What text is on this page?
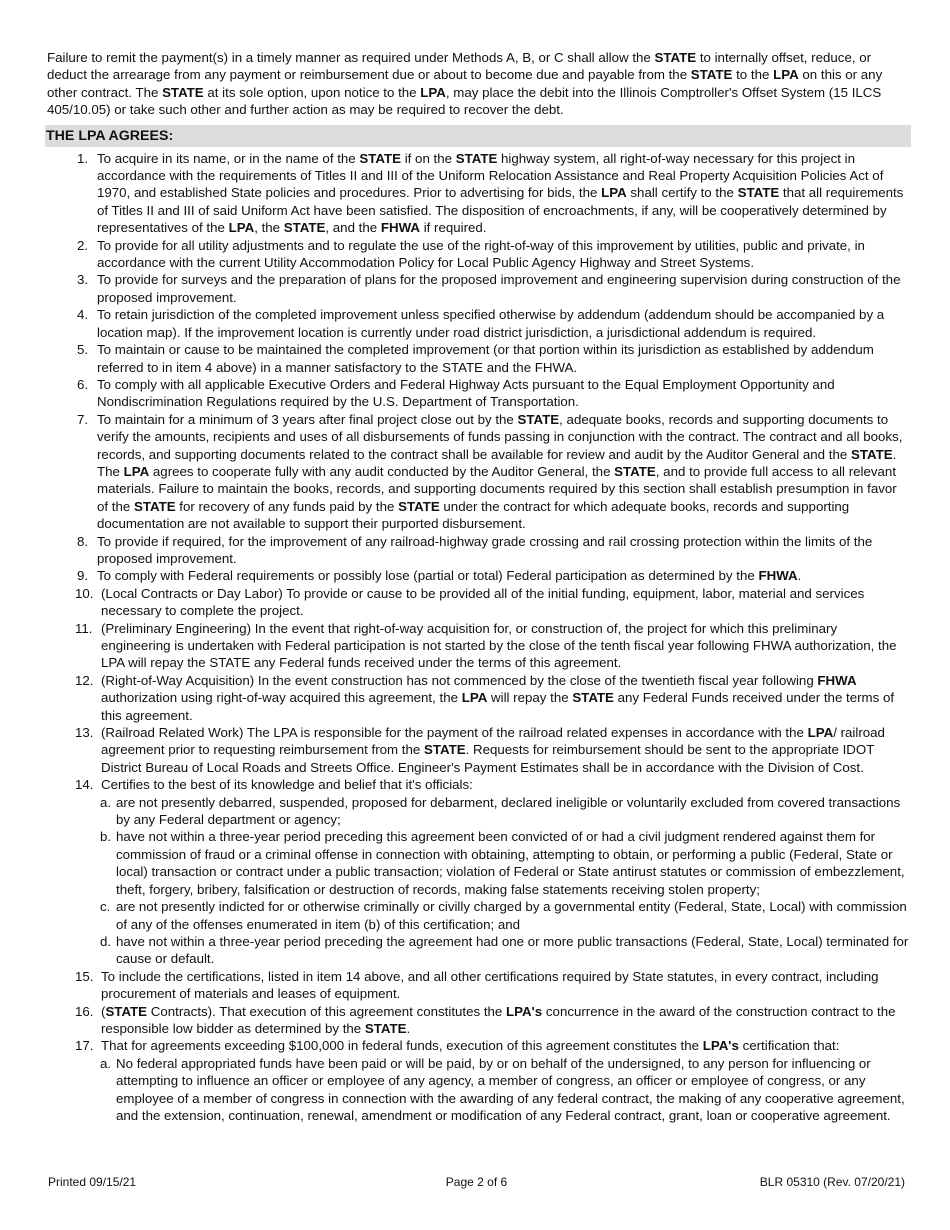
Failure to remit the payment(s) in a timely manner as required under Methods A, B, or C shall allow the STATE to internally offset, reduce, or deduct the arrearage from any payment or reimbursement due or about to become due and payable from the STATE to the LPA on this or any other contract. The STATE at its sole option, upon notice to the LPA, may place the debit into the Illinois Comptroller's Offset System (15 ILCS 405/10.05) or take such other and further action as may be required to recover the debt.

THE LPA AGREES:
1. To acquire in its name, or in the name of the STATE if on the STATE highway system, all right-of-way necessary for this project in accordance with the requirements of Titles II and III of the Uniform Relocation Assistance and Real Property Acquisition Policies Act of 1970, and established State policies and procedures. Prior to advertising for bids, the LPA shall certify to the STATE that all requirements of Titles II and III of said Uniform Act have been satisfied. The disposition of encroachments, if any, will be cooperatively determined by representatives of the LPA, the STATE, and the FHWA if required.
2. To provide for all utility adjustments and to regulate the use of the right-of-way of this improvement by utilities, public and private, in accordance with the current Utility Accommodation Policy for Local Public Agency Highway and Street Systems.
3. To provide for surveys and the preparation of plans for the proposed improvement and engineering supervision during construction of the proposed improvement.
4. To retain jurisdiction of the completed improvement unless specified otherwise by addendum (addendum should be accompanied by a location map). If the improvement location is currently under road district jurisdiction, a jurisdictional addendum is required.
5. To maintain or cause to be maintained the completed improvement (or that portion within its jurisdiction as established by addendum referred to in item 4 above) in a manner satisfactory to the STATE and the FHWA.
6. To comply with all applicable Executive Orders and Federal Highway Acts pursuant to the Equal Employment Opportunity and Nondiscrimination Regulations required by the U.S. Department of Transportation.
7. To maintain for a minimum of 3 years after final project close out by the STATE, adequate books, records and supporting documents to verify the amounts, recipients and uses of all disbursements of funds passing in conjunction with the contract. The contract and all books, records, and supporting documents related to the contract shall be available for review and audit by the Auditor General and the STATE. The LPA agrees to cooperate fully with any audit conducted by the Auditor General, the STATE, and to provide full access to all relevant materials. Failure to maintain the books, records, and supporting documents required by this section shall establish presumption in favor of the STATE for recovery of any funds paid by the STATE under the contract for which adequate books, records and supporting documentation are not available to support their purported disbursement.
8. To provide if required, for the improvement of any railroad-highway grade crossing and rail crossing protection within the limits of the proposed improvement.
9. To comply with Federal requirements or possibly lose (partial or total) Federal participation as determined by the FHWA.
10. (Local Contracts or Day Labor) To provide or cause to be provided all of the initial funding, equipment, labor, material and services necessary to complete the project.
11. (Preliminary Engineering) In the event that right-of-way acquisition for, or construction of, the project for which this preliminary engineering is undertaken with Federal participation is not started by the close of the tenth fiscal year following FHWA authorization, the LPA will repay the STATE any Federal funds received under the terms of this agreement.
12. (Right-of-Way Acquisition) In the event construction has not commenced by the close of the twentieth fiscal year following FHWA authorization using right-of-way acquired this agreement, the LPA will repay the STATE any Federal Funds received under the terms of this agreement.
13. (Railroad Related Work) The LPA is responsible for the payment of the railroad related expenses in accordance with the LPA/ railroad agreement prior to requesting reimbursement from the STATE. Requests for reimbursement should be sent to the appropriate IDOT District Bureau of Local Roads and Streets Office. Engineer's Payment Estimates shall be in accordance with the Division of Cost.
14. Certifies to the best of its knowledge and belief that it's officials:
a. are not presently debarred, suspended, proposed for debarment, declared ineligible or voluntarily excluded from covered transactions by any Federal department or agency;
b. have not within a three-year period preceding this agreement been convicted of or had a civil judgment rendered against them for commission of fraud or a criminal offense in connection with obtaining, attempting to obtain, or performing a public (Federal, State or local) transaction or contract under a public transaction; violation of Federal or State antirust statutes or commission of embezzlement, theft, forgery, bribery, falsification or destruction of records, making false statements receiving stolen property;
c. are not presently indicted for or otherwise criminally or civilly charged by a governmental entity (Federal, State, Local) with commission of any of the offenses enumerated in item (b) of this certification; and
d. have not within a three-year period preceding the agreement had one or more public transactions (Federal, State, Local) terminated for cause or default.
15. To include the certifications, listed in item 14 above, and all other certifications required by State statutes, in every contract, including procurement of materials and leases of equipment.
16. (STATE Contracts). That execution of this agreement constitutes the LPA's concurrence in the award of the construction contract to the responsible low bidder as determined by the STATE.
17. That for agreements exceeding $100,000 in federal funds, execution of this agreement constitutes the LPA's certification that:
a. No federal appropriated funds have been paid or will be paid, by or on behalf of the undersigned, to any person for influencing or attempting to influence an officer or employee of any agency, a member of congress, an officer or employee of congress, or any employee of a member of congress in connection with the awarding of any federal contract, the making of any cooperative agreement, and the extension, continuation, renewal, amendment or modification of any Federal contract, grant, loan or cooperative agreement.
Printed 09/15/21	Page 2 of 6	BLR 05310 (Rev. 07/20/21)
